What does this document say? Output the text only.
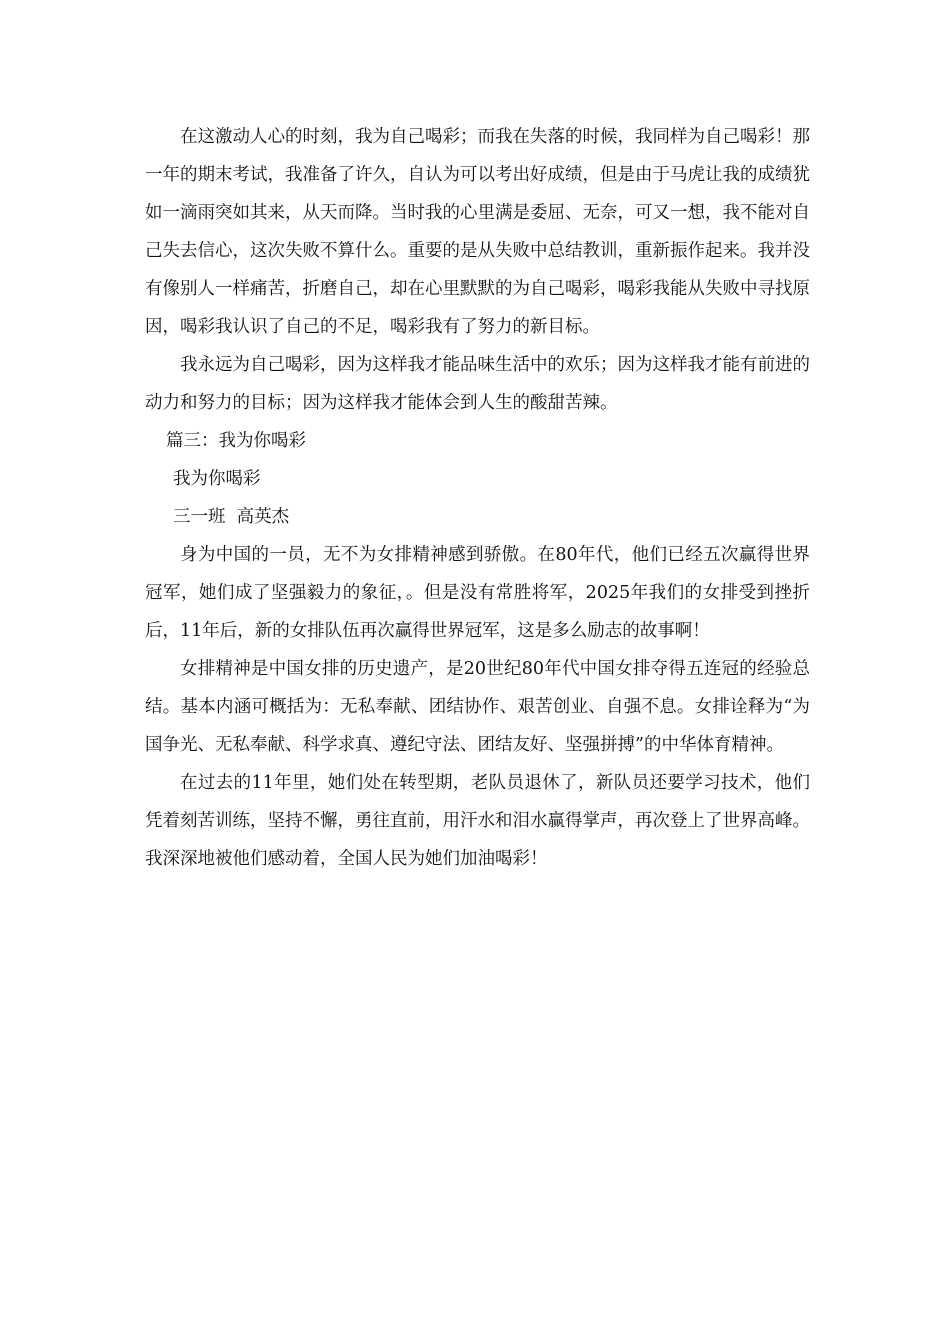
在这激动人心的时刻，我为自己喝彩；而我在失落的时候，我同样为自己喝彩！那一年的期末考试，我准备了许久，自认为可以考出好成绩，但是由于马虎让我的成绩犹如一滴雨突如其来，从天而降。当时我的心里满是委屈、无奈，可又一想，我不能对自己失去信心，这次失败不算什么。重要的是从失败中总结教训，重新振作起来。我并没有像别人一样痛苦，折磨自己，却在心里默默的为自己喝彩，喝彩我能从失败中寻找原因，喝彩我认识了自己的不足，喝彩我有了努力的新目标。

我永远为自己喝彩，因为这样我才能品味生活中的欢乐；因为这样我才能有前进的动力和努力的目标；因为这样我才能体会到人生的酸甜苦辣。

篇三：我为你喝彩

我为你喝彩

三一班  高英杰

身为中国的一员，无不为女排精神感到骄傲。在80年代，他们已经五次赢得世界冠军，她们成了坚强毅力的象征，。但是没有常胜将军，2025年我们的女排受到挫折后，11年后，新的女排队伍再次赢得世界冠军，这是多么励志的故事啊！

女排精神是中国女排的历史遗产，是20世纪80年代中国女排夺得五连冠的经验总结。基本内涵可概括为：无私奉献、团结协作、艰苦创业、自强不息。女排诠释为“为国争光、无私奉献、科学求真、遵纪守法、团结友好、坚强拼搏”的中华体育精神。

在过去的11年里，她们处在转型期，老队员退休了，新队员还要学习技术，他们凭着刻苦训练，坚持不懈，勇往直前，用汗水和泪水赢得掌声，再次登上了世界高峰。我深深地被他们感动着，全国人民为她们加油喝彩！
